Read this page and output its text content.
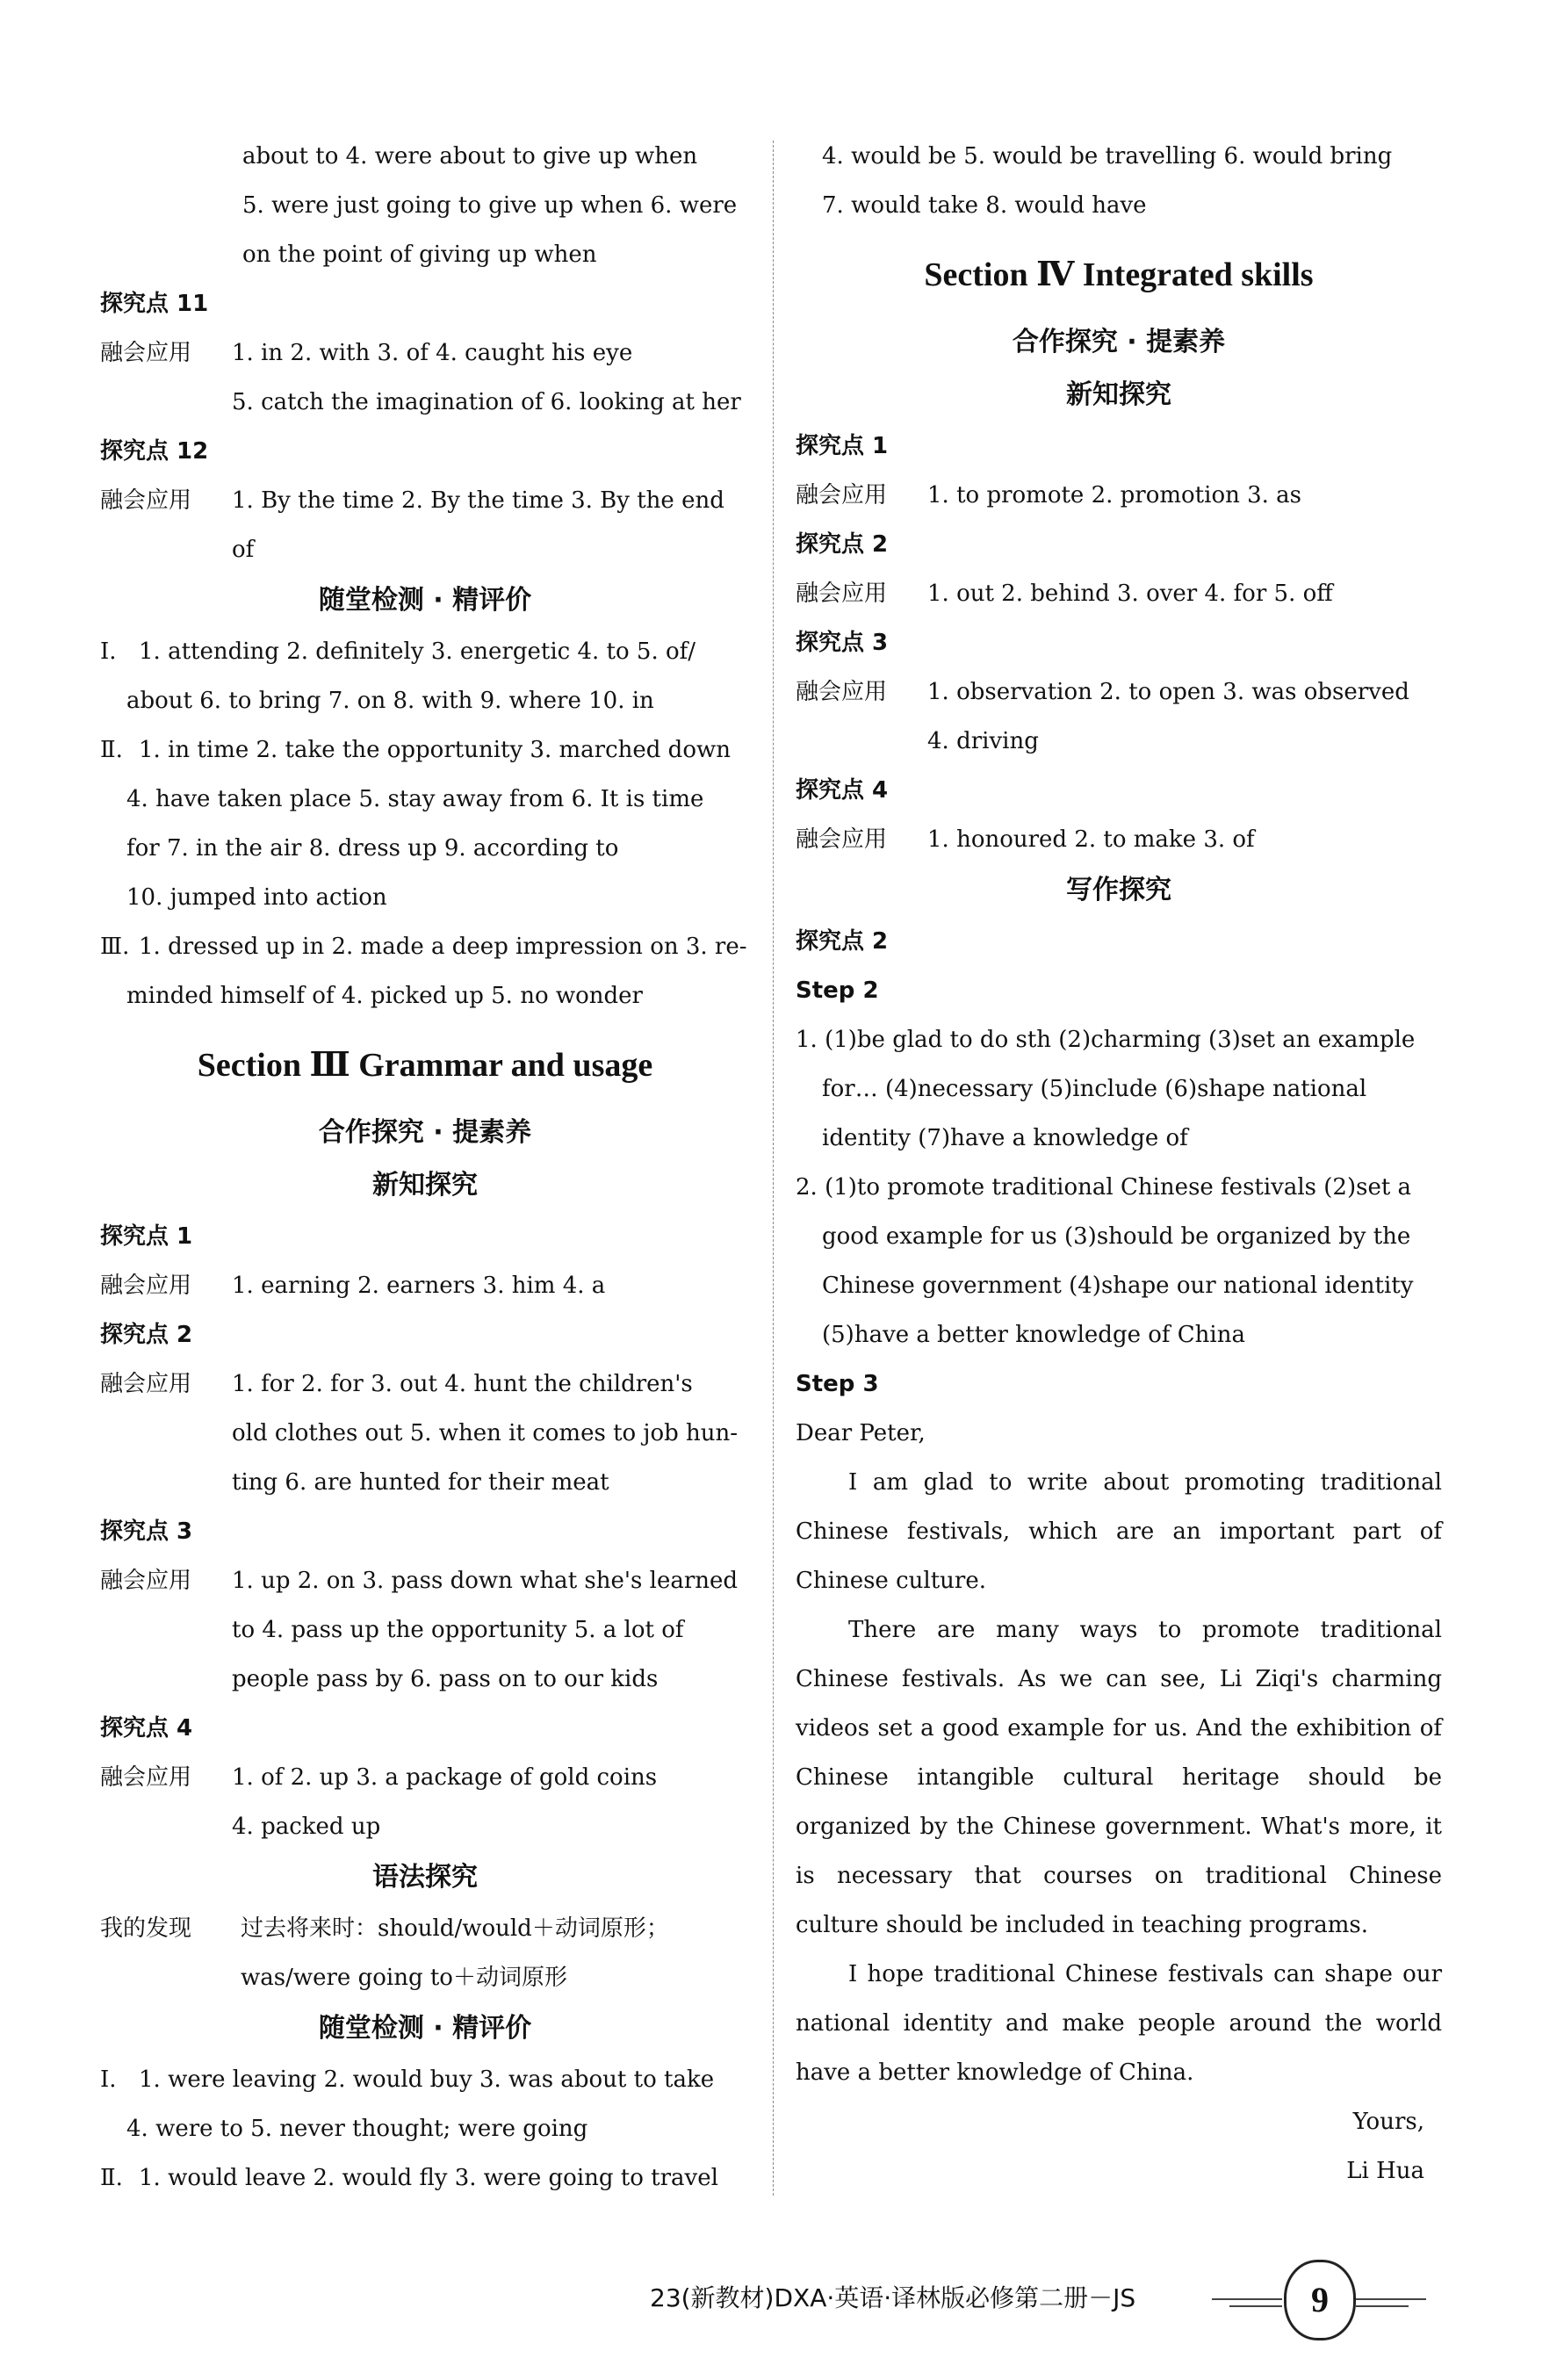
about to 4. were about to give up when
5. were just going to give up when 6. were
on the point of giving up when
探究点 11
融会应用	1. in 2. with 3. of 4. caught his eye
5. catch the imagination of 6. looking at her
探究点 12
融会应用	1. By the time 2. By the time 3. By the end
of
随堂检测 · 精评价
Ⅰ. 1. attending 2. definitely 3. energetic 4. to 5. of/
about 6. to bring 7. on 8. with 9. where 10. in
Ⅱ. 1. in time 2. take the opportunity 3. marched down
4. have taken place 5. stay away from 6. It is time
for 7. in the air 8. dress up 9. according to
10. jumped into action
Ⅲ. 1. dressed up in 2. made a deep impression on 3. re-
minded himself of 4. picked up 5. no wonder
Section Ⅲ Grammar and usage
合作探究 · 提素养
新知探究
探究点 1
融会应用	1. earning 2. earners 3. him 4. a
探究点 2
融会应用	1. for 2. for 3. out 4. hunt the children's
old clothes out 5. when it comes to job hun-
ting 6. are hunted for their meat
探究点 3
融会应用	1. up 2. on 3. pass down what she's learned
to 4. pass up the opportunity 5. a lot of
people pass by 6. pass on to our kids
探究点 4
融会应用	1. of 2. up 3. a package of gold coins
4. packed up
语法探究
我的发现	过去将来时：should/would＋动词原形；
was/were going to＋动词原形
随堂检测 · 精评价
Ⅰ. 1. were leaving 2. would buy 3. was about to take
4. were to 5. never thought; were going
Ⅱ. 1. would leave 2. would fly 3. were going to travel
4. would be 5. would be travelling 6. would bring
7. would take 8. would have
Section Ⅳ Integrated skills
合作探究 · 提素养
新知探究
探究点 1
融会应用	1. to promote 2. promotion 3. as
探究点 2
融会应用	1. out 2. behind 3. over 4. for 5. off
探究点 3
融会应用	1. observation 2. to open 3. was observed
4. driving
探究点 4
融会应用	1. honoured 2. to make 3. of
写作探究
探究点 2
Step 2
1. (1)be glad to do sth (2)charming (3)set an example
for… (4)necessary (5)include (6)shape national
identity (7)have a knowledge of
2. (1)to promote traditional Chinese festivals (2)set a
good example for us (3)should be organized by the
Chinese government (4)shape our national identity
(5)have a better knowledge of China
Step 3
Dear Peter,

I am glad to write about promoting traditional Chinese festivals, which are an important part of Chinese culture.

There are many ways to promote traditional Chinese festivals. As we can see, Li Ziqi's charming videos set a good example for us. And the exhibition of Chinese intangible cultural heritage should be organized by the Chinese government. What's more, it is necessary that courses on traditional Chinese culture should be included in teaching programs.

I hope traditional Chinese festivals can shape our national identity and make people around the world have a better knowledge of China.

Yours,
Li Hua
23(新教材)DXA·英语·译林版必修第二册－JS	9
